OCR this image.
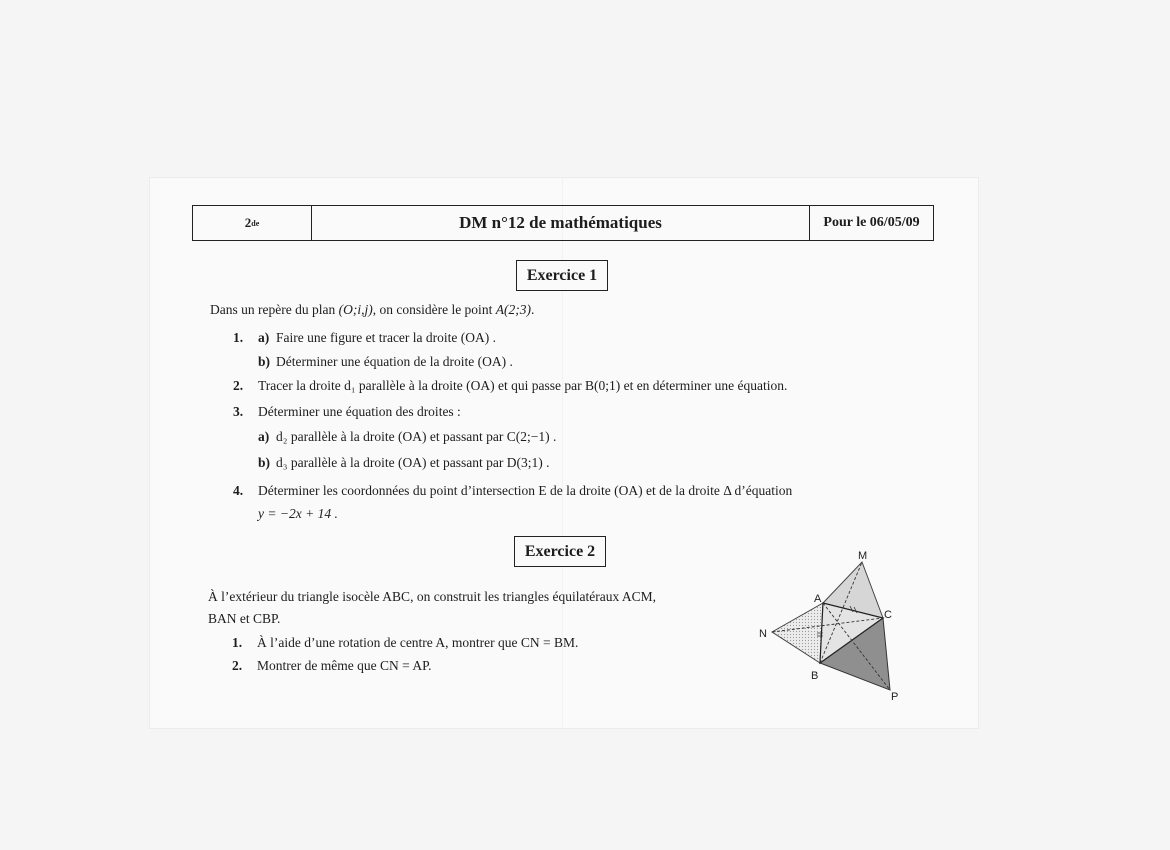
2 de	DM n°12 de mathématiques	Pour le 06/05/09
Exercice 1
Dans un repère du plan (O;i,j), on considère le point A(2;3).
1. a) Faire une figure et tracer la droite (OA) .
b) Déterminer une équation de la droite (OA) .
2. Tracer la droite d₁ parallèle à la droite (OA) et qui passe par B(0;1) et en déterminer une équation.
3. Déterminer une équation des droites :
a) d₂ parallèle à la droite (OA) et passant par C(2;−1) .
b) d₃ parallèle à la droite (OA) et passant par D(3;1) .
4. Déterminer les coordonnées du point d’intersection E de la droite (OA) et de la droite Δ d’équation
y = −2x + 14 .
Exercice 2
À l’extérieur du triangle isocèle ABC, on construit les triangles équilatéraux ACM,
BAN et CBP.
1. À l’aide d’une rotation de centre A, montrer que CN = BM.
2. Montrer de même que CN = AP.
M
A
C
N
B
P
